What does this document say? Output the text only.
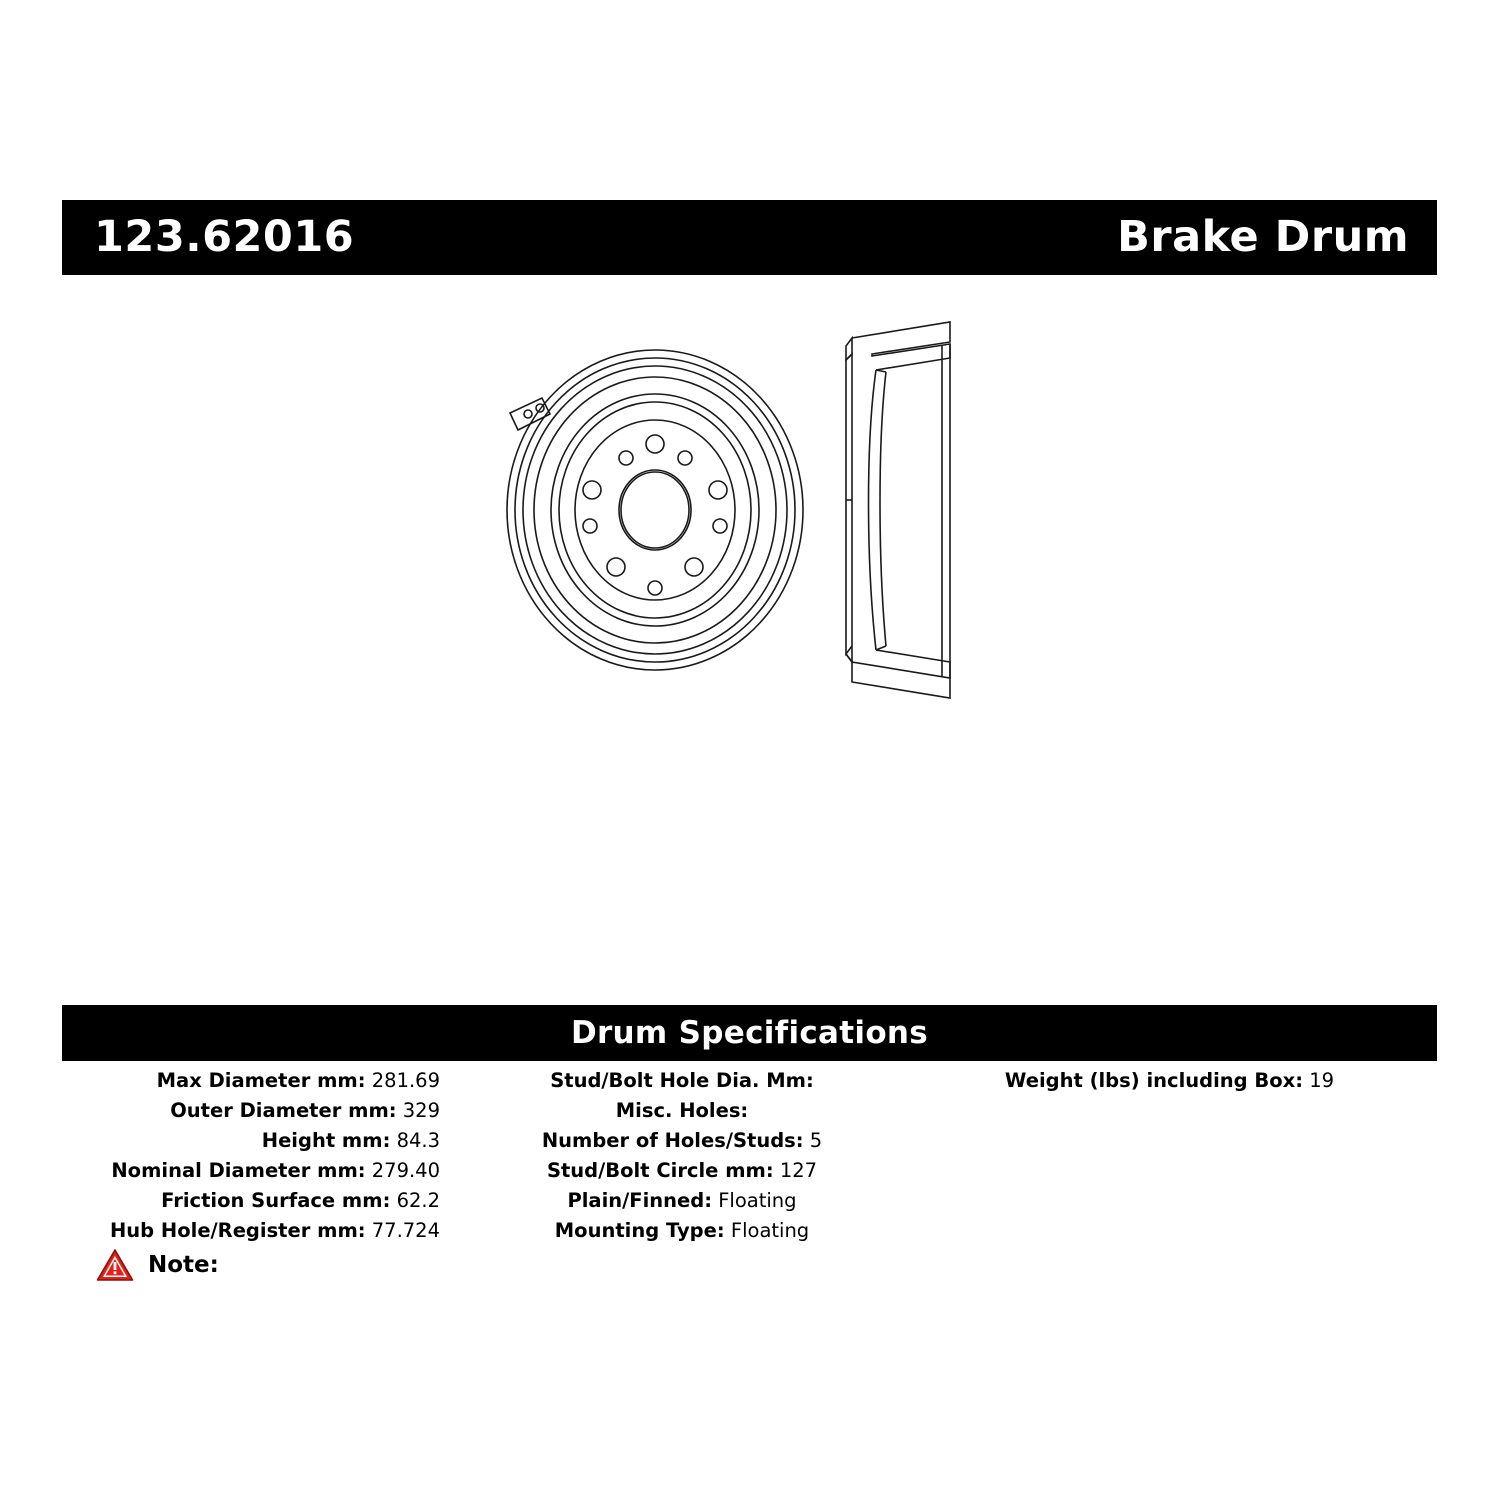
123.62016	Brake Drum
Drum Specifications
Max Diameter mm: 281.69
Outer Diameter mm: 329
Height mm: 84.3
Nominal Diameter mm: 279.40
Friction Surface mm: 62.2
Hub Hole/Register mm: 77.724
Stud/Bolt Hole Dia. Mm:
Misc. Holes:
Number of Holes/Studs: 5
Stud/Bolt Circle mm: 127
Plain/Finned: Floating
Mounting Type: Floating
Weight (lbs) including Box: 19
Note:
